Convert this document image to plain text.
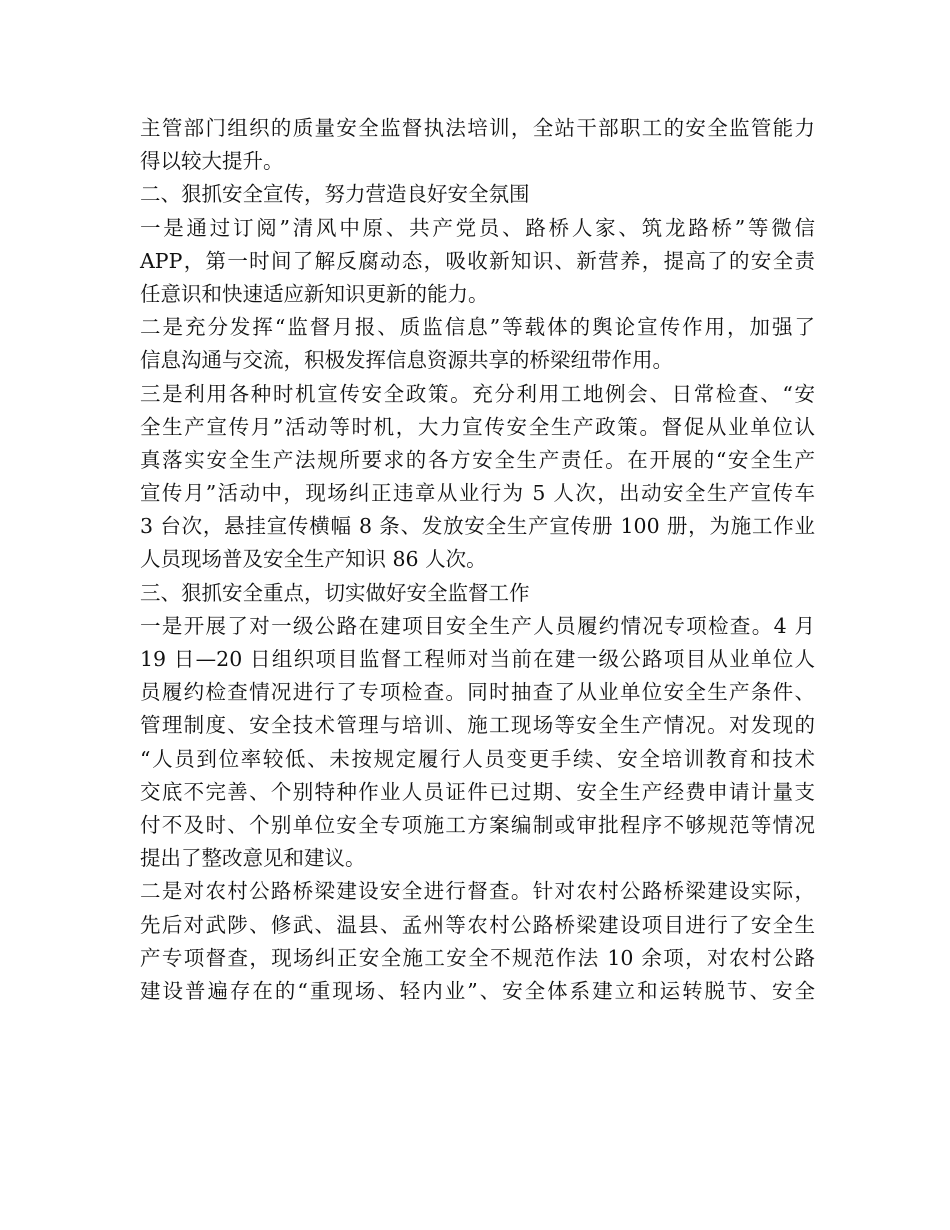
主管部门组织的质量安全监督执法培训，全站干部职工的安全监管能力
得以较大提升。
二、狠抓安全宣传，努力营造良好安全氛围
一是通过订阅”清风中原、共产党员、路桥人家、筑龙路桥”等微信
APP，第一时间了解反腐动态，吸收新知识、新营养，提高了的安全责
任意识和快速适应新知识更新的能力。
二是充分发挥“监督月报、质监信息”等载体的舆论宣传作用，加强了
信息沟通与交流，积极发挥信息资源共享的桥梁纽带作用。
三是利用各种时机宣传安全政策。充分利用工地例会、日常检查、“安
全生产宣传月”活动等时机，大力宣传安全生产政策。督促从业单位认
真落实安全生产法规所要求的各方安全生产责任。在开展的“安全生产
宣传月”活动中，现场纠正违章从业行为 5 人次，出动安全生产宣传车
3 台次，悬挂宣传横幅 8 条、发放安全生产宣传册 100 册，为施工作业
人员现场普及安全生产知识 86 人次。
三、狠抓安全重点，切实做好安全监督工作
一是开展了对一级公路在建项目安全生产人员履约情况专项检查。4 月
19 日—20 日组织项目监督工程师对当前在建一级公路项目从业单位人
员履约检查情况进行了专项检查。同时抽查了从业单位安全生产条件、
管理制度、安全技术管理与培训、施工现场等安全生产情况。对发现的
“人员到位率较低、未按规定履行人员变更手续、安全培训教育和技术
交底不完善、个别特种作业人员证件已过期、安全生产经费申请计量支
付不及时、个别单位安全专项施工方案编制或审批程序不够规范等情况
提出了整改意见和建议。
二是对农村公路桥梁建设安全进行督查。针对农村公路桥梁建设实际，
先后对武陟、修武、温县、孟州等农村公路桥梁建设项目进行了安全生
产专项督查，现场纠正安全施工安全不规范作法 10 余项，对农村公路
建设普遍存在的“重现场、轻内业”、安全体系建立和运转脱节、安全
